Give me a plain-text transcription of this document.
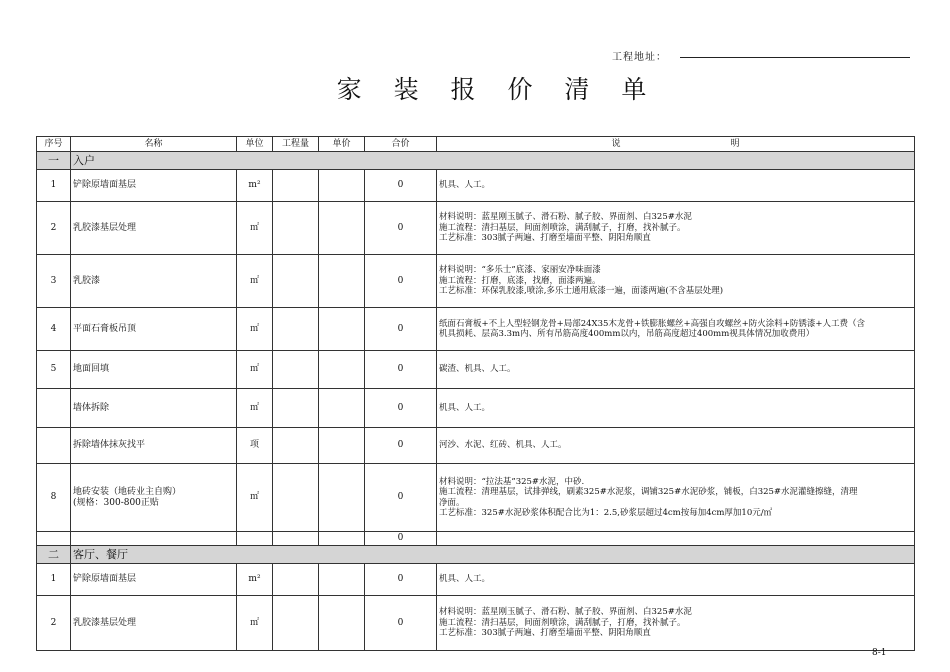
工程地址：
家 装 报 价 清 单
序号	名称	单位	工程量	单价	合价	说 明
一	入户					
1	铲除原墙面基层	m²			0	机具、人工。
2	乳胶漆基层处理	㎡			0	材料说明：蓝星刚玉腻子、滑石粉、腻子胶、界面剂、白325#水泥
施工流程：清扫基层，间面剂喷涂，满刮腻子，打磨，找补腻子。
工艺标准：303腻子两遍、打磨至墙面平整、阴阳角顺直
3	乳胶漆	㎡			0	材料说明：“多乐士”底漆、家丽安净味面漆
施工流程：打磨，底漆，找磨，面漆两遍。
工艺标准：环保乳胶漆,喷涂,多乐士通用底漆一遍，面漆两遍(不含基层处理)
4	平面石膏板吊顶	㎡			0	纸面石膏板+不上人型轻钢龙骨+局部24X35木龙骨+铁膨胀螺丝+高强自攻螺丝+防火涂料+防锈漆+人工费（含
机具损耗、层高3.3m内、所有吊筋高度400mm以内，吊筋高度超过400mm视具体情况加收费用）
5	地面回填	㎡			0	碳渣、机具、人工。
	墙体拆除	㎡			0	机具、人工。
	拆除墙体抹灰找平	项			0	河沙、水泥、红砖、机具、人工。
8	地砖安装（地砖业主自购）
(规格：300-800正贴	㎡			0	材料说明：“拉法基”325#水泥，中砂.
施工流程：清理基层，试排弹线，刷素325#水泥浆，调铺325#水泥砂浆，铺板，白325#水泥灌缝擦缝，清理
净面。
工艺标准：325#水泥砂浆体积配合比为1：2.5,砂浆层超过4cm按每加4cm厚加10元/㎡
					0	
二	客厅、餐厅					
1	铲除原墙面基层	m²			0	机具、人工。
2	乳胶漆基层处理	㎡			0	材料说明：蓝星刚玉腻子、滑石粉、腻子胶、界面剂、白325#水泥
施工流程：清扫基层，间面剂喷涂，满刮腻子，打磨，找补腻子。
工艺标准：303腻子两遍、打磨至墙面平整、阴阳角顺直
8-1
